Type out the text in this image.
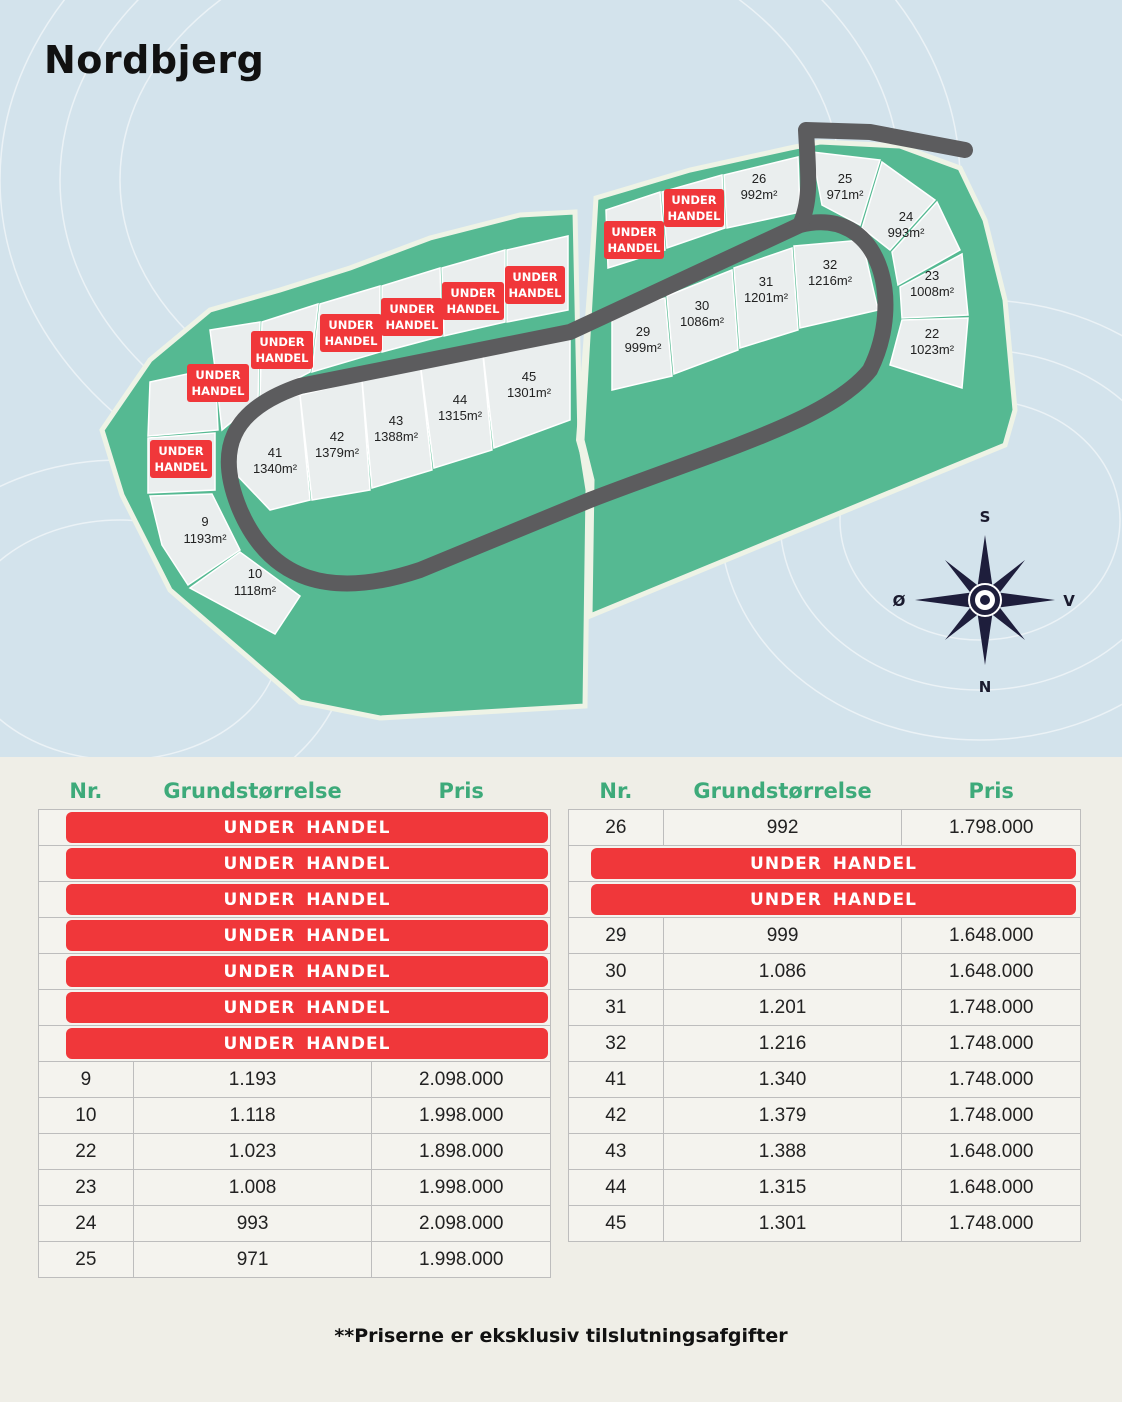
9
1193m²
10
1118m²
41
1340m²
42
1379m²
43
1388m²
44
1315m²
45
1301m²
29
999m²
30
1086m²
31
1201m²
32
1216m²
26
992m²
25
971m²
24
993m²
23
1008m²
22
1023m²
UNDER
HANDEL
UNDER
HANDEL
UNDER
HANDEL
UNDER
HANDEL
UNDER
HANDEL
UNDER
HANDEL
UNDER
HANDEL
UNDER
HANDEL
UNDER
HANDEL
S
N
Ø	V
Nordbjerg
Nr.	Grundstørrelse	Pris

UNDER HANDEL		

UNDER HANDEL		

UNDER HANDEL		

UNDER HANDEL		

UNDER HANDEL		

UNDER HANDEL		

UNDER HANDEL		

9	1.193	2.098.000
10	1.118	1.998.000
22	1.023	1.898.000
23	1.008	1.998.000
24	993	2.098.000
25	971	1.998.000
Nr.	Grundstørrelse	Pris
26	992	1.798.000

UNDER HANDEL		

UNDER HANDEL		

29	999	1.648.000
30	1.086	1.648.000
31	1.201	1.748.000
32	1.216	1.748.000
41	1.340	1.748.000
42	1.379	1.748.000
43	1.388	1.648.000
44	1.315	1.648.000
45	1.301	1.748.000
**Priserne er eksklusiv tilslutningsafgifter
